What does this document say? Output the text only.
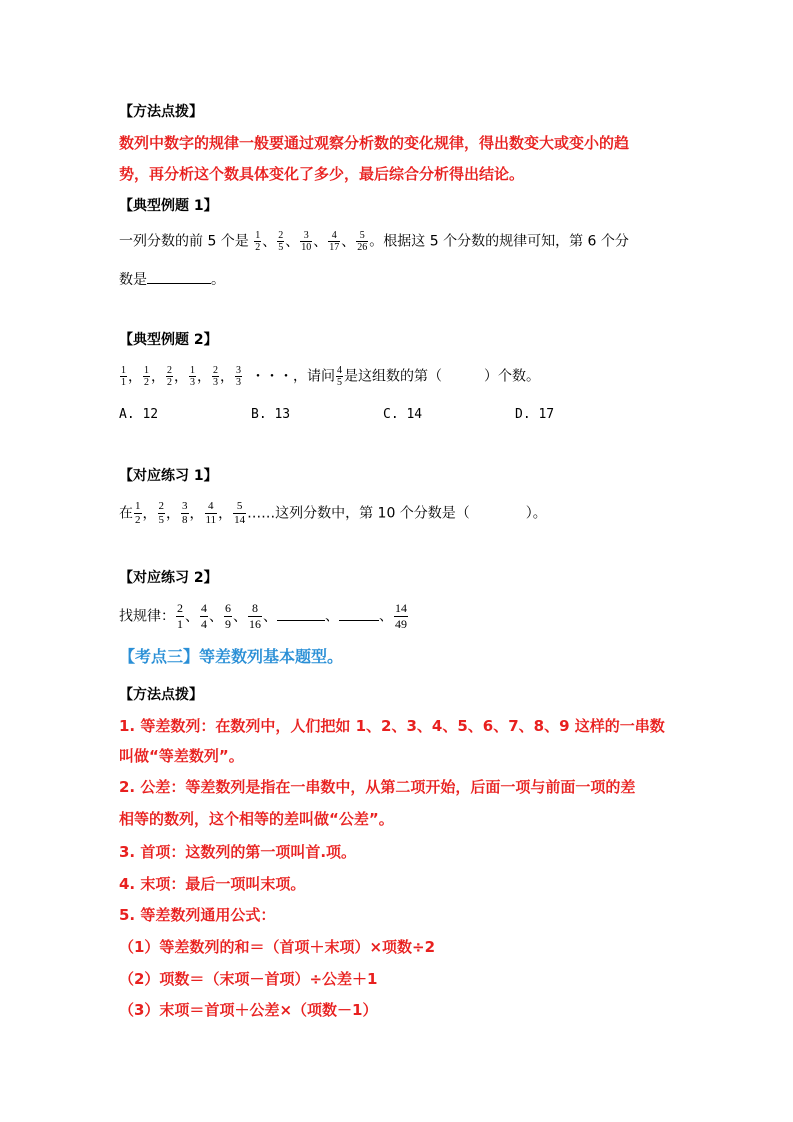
【方法点拨】
数列中数字的规律一般要通过观察分析数的变化规律，得出数变大或变小的趋
势，再分析这个数具体变化了多少，最后综合分析得出结论。
【典型例题 1】
一列分数的前 5 个是 $\frac{1}{2}$ 、 $\frac{2}{5}$ 、 $\frac{3}{10}$ 、 $\frac{4}{17}$ 、 $\frac{5}{26}$ 。根据这 5 个分数的规律可知，第 6 个分
数是	。
【典型例题 2】
$\frac{1}{1}$ ， $\frac{1}{2}$ ， $\frac{2}{2}$ ， $\frac{1}{3}$ ， $\frac{2}{3}$ ， $\frac{3}{3}$ ・・・，请问 $\frac{4}{5}$ 是这组数的第（　　　）个数。
A. 12	B. 13	C. 14	D. 17
【对应练习 1】
在 $\frac{1}{2}$ ， $\frac{2}{5}$ ， $\frac{3}{8}$ ， $\frac{4}{11}$ ， $\frac{5}{14}$ ……这列分数中，第 10 个分数是（　　　　）。
【对应练习 2】
找规律： $\frac{2}{1}$ 、 $\frac{4}{4}$ 、 $\frac{6}{9}$ 、 $\frac{8}{16}$ 、	、	、 $\frac{14}{49}$
【考点三】等差数列基本题型。
【方法点拨】
1. 等差数列：在数列中，人们把如 1、2、3、4、5、6、7、8、9 这样的一串数
叫做“等差数列”。
2. 公差：等差数列是指在一串数中，从第二项开始，后面一项与前面一项的差
相等的数列，这个相等的差叫做“公差”。
3. 首项：这数列的第一项叫首.项。
4. 末项：最后一项叫末项。
5. 等差数列通用公式：
（1）等差数列的和＝（首项＋末项）×项数÷2
（2）项数＝（末项－首项）÷公差＋1
（3）末项＝首项＋公差×（项数－1）
